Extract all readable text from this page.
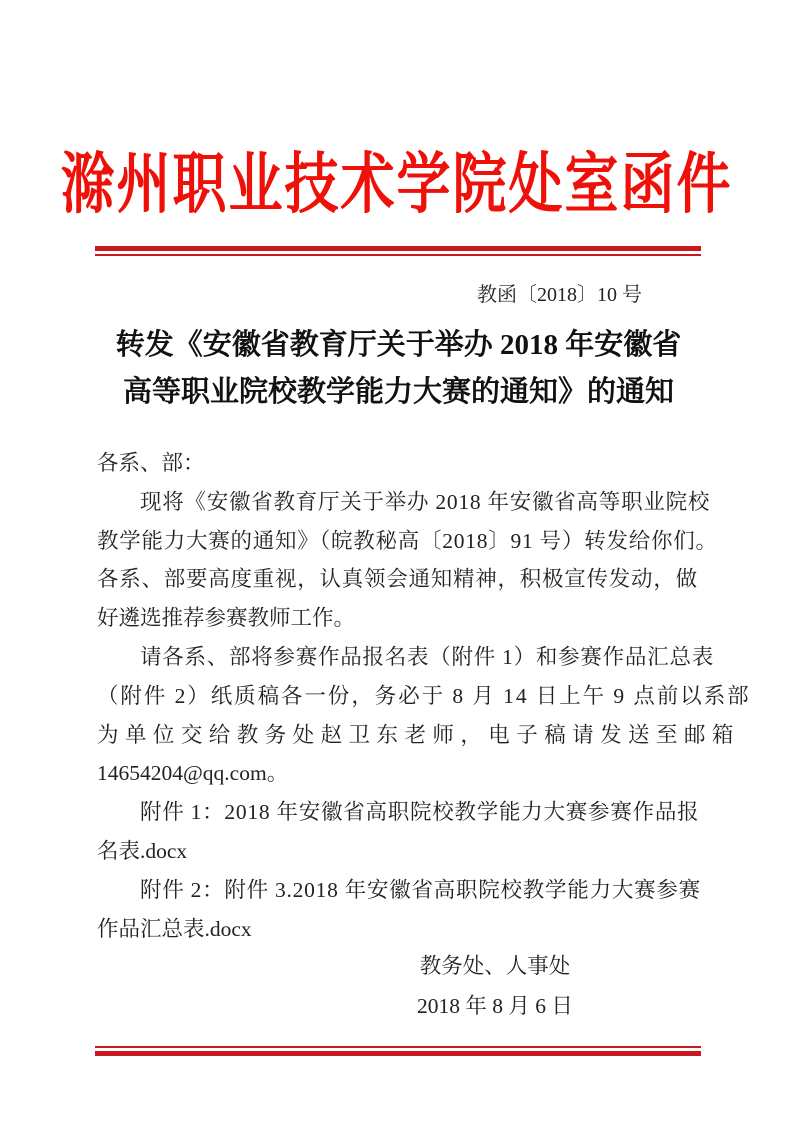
滁州职业技术学院处室函件
教函〔2018〕10 号
转发《安徽省教育厅关于举办 2018 年安徽省
高等职业院校教学能力大赛的通知》的通知
各系、部：
现将《安徽省教育厅关于举办 2018 年安徽省高等职业院校
教学能力大赛的通知》（皖教秘高〔2018〕91 号）转发给你们。
各系、部要高度重视，认真领会通知精神，积极宣传发动，做
好遴选推荐参赛教师工作。
请各系、部将参赛作品报名表（附件 1）和参赛作品汇总表
（附件 2）纸质稿各一份，务必于 8 月 14 日上午 9 点前以系部
为单位交给教务处赵卫东老师，电子稿请发送至邮箱
14654204@qq.com。
附件 1：2018 年安徽省高职院校教学能力大赛参赛作品报
名表.docx
附件 2：附件 3.2018 年安徽省高职院校教学能力大赛参赛
作品汇总表.docx
教务处、人事处
2018 年 8 月 6 日
